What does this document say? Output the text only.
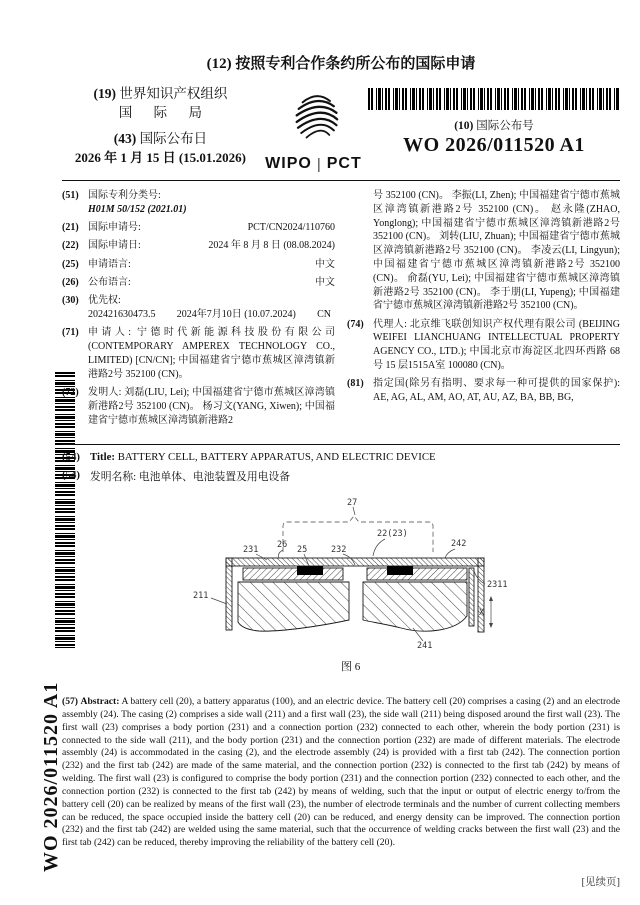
WO 2026/011520 A1
(12) 按照专利合作条约所公布的国际申请
(19) 世界知识产权组织
国 际 局
(43) 国际公布日
2026 年 1 月 15 日 (15.01.2026)	WIPO | PCT
(10) 国际公布号
WO 2026/011520 A1
(51) 国际专利分类号:
H01M 50/152 (2021.01)
(21) 国际申请号:	PCT/CN2024/110760
(22) 国际申请日:	2024 年 8 月 8 日 (08.08.2024)
(25) 申请语言:	中文
(26) 公布语言:	中文
(30) 优先权:
202421630473.5 2024年7月10日 (10.07.2024) CN
(71) 申请人: 宁德时代新能源科技股份有限公司 (CONTEMPORARY AMPEREX TECHNOLOGY CO., LIMITED) [CN/CN]; 中国福建省宁德市蕉城区漳湾镇新港路2号 352100 (CN)。
(72) 发明人: 刘磊(LIU, Lei); 中国福建省宁德市蕉城区漳湾镇新港路2号 352100 (CN)。 杨习文(YANG, Xiwen); 中国福建省宁德市蕉城区漳湾镇新港路2
号 352100 (CN)。 李振(LI, Zhen); 中国福建省宁德市蕉城区漳湾镇新港路2号 352100 (CN)。 赵永隆(ZHAO, Yonglong); 中国福建省宁德市蕉城区漳湾镇新港路2号 352100 (CN)。 刘转(LIU, Zhuan); 中国福建省宁德市蕉城区漳湾镇新港路2号 352100 (CN)。 李凌云(LI, Lingyun); 中国福建省宁德市蕉城区漳湾镇新港路2号 352100 (CN)。 俞磊(YU, Lei); 中国福建省宁德市蕉城区漳湾镇新港路2号 352100 (CN)。 李于朋(LI, Yupeng); 中国福建省宁德市蕉城区漳湾镇新港路2号 352100 (CN)。
(74) 代理人: 北京维飞联创知识产权代理有限公司 (BEIJING WEIFEI LIANCHUANG INTELLECTUAL PROPERTY AGENCY CO., LTD.); 中国北京市海淀区北四环西路 68 号 15 层1515A室 100080 (CN)。
(81) 指定国(除另有指明、要求每一种可提供的国家保护): AE, AG, AL, AM, AO, AT, AU, AZ, BA, BB, BG,
(54) Title: BATTERY CELL, BATTERY APPARATUS, AND ELECTRIC DEVICE
(54) 发明名称: 电池单体、电池装置及用电设备
27
22(23)
242
231 26 25	232
211
2311
241
X
图 6

(57) Abstract: A battery cell (20), a battery apparatus (100), and an electric device. The battery cell (20) comprises a casing (2) and an electrode assembly (24). The casing (2) comprises a side wall (211) and a first wall (23), the side wall (211) being disposed around the first wall (23). The first wall (23) comprises a body portion (231) and a connection portion (232) connected to each other, wherein the body portion (231) is connected to the side wall (211), and the body portion (231) and the connection portion (232) are made of different materials. The electrode assembly (24) is accommodated in the casing (2), and the electrode assembly (24) is provided with a first tab (242). The connection portion (232) and the first tab (242) are made of the same material, and the connection portion (232) is connected to the first tab (242) by means of welding. The first wall (23) is configured to comprise the body portion (231) and the connection portion (232) connected to each other, and the connection portion (232) is connected to the first tab (242) by means of welding, such that the input or output of electric energy to/from the battery cell (20) can be realized by means of the first wall (23), the number of electrode terminals and the number of current collecting members can be reduced, the space occupied inside the battery cell (20) can be reduced, and energy density can be improved. The connection portion (232) and the first tab (242) are welded using the same material, such that the occurrence of welding cracks between the first wall (23) and the first tab (242) can be reduced, thereby improving the reliability of the battery cell (20).

[见续页]
